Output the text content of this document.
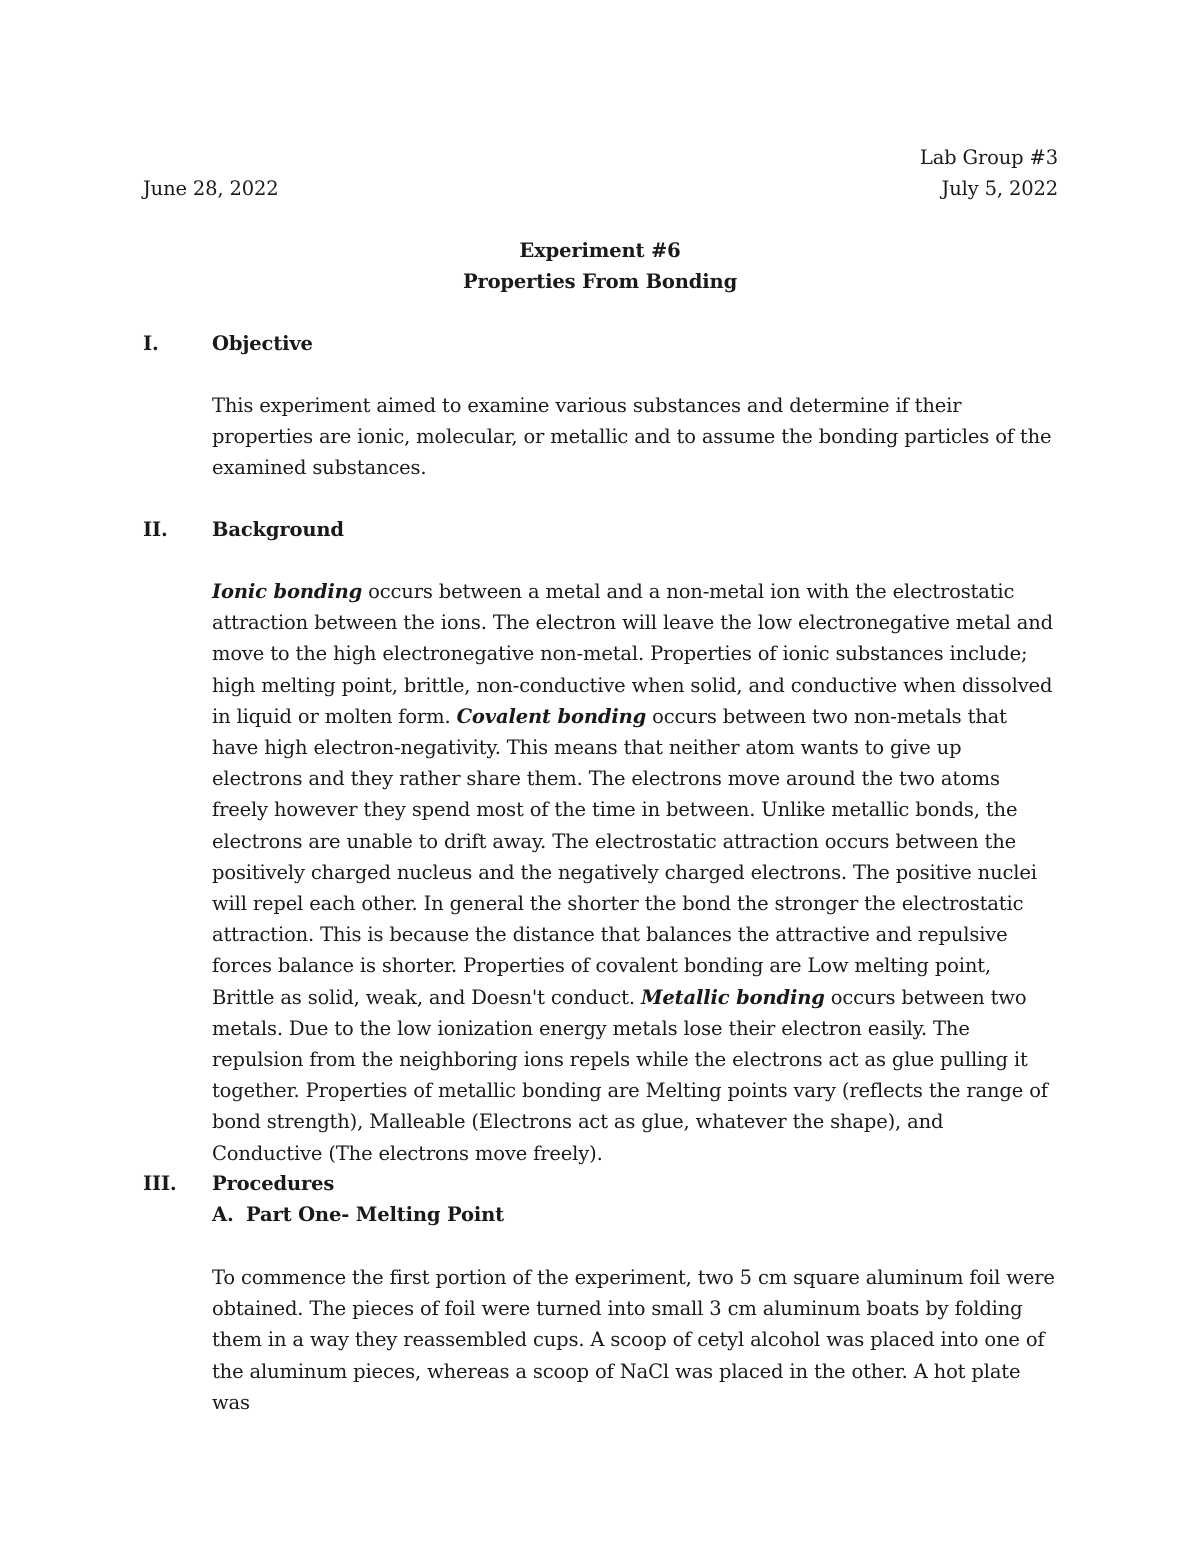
Lab Group #3
June 28, 2022	July 5, 2022
Experiment #6
Properties From Bonding
I.	Objective

This experiment aimed to examine various substances and determine if their properties are ionic, molecular, or metallic and to assume the bonding particles of the examined substances.

II. Background

Ionic bonding occurs between a metal and a non-metal ion with the electrostatic attraction between the ions. The electron will leave the low electronegative metal and move to the high electronegative non-metal. Properties of ionic substances include; high melting point, brittle, non-conductive when solid, and conductive when dissolved in liquid or molten form. Covalent bonding occurs between two non-metals that have high electron-negativity. This means that neither atom wants to give up electrons and they rather share them. The electrons move around the two atoms freely however they spend most of the time in between. Unlike metallic bonds, the electrons are unable to drift away. The electrostatic attraction occurs between the positively charged nucleus and the negatively charged electrons. The positive nuclei will repel each other. In general the shorter the bond the stronger the electrostatic attraction. This is because the distance that balances the attractive and repulsive forces balance is shorter. Properties of covalent bonding are Low melting point, Brittle as solid, weak, and Doesn't conduct. Metallic bonding occurs between two metals. Due to the low ionization energy metals lose their electron easily. The repulsion from the neighboring ions repels while the electrons act as glue pulling it together. Properties of metallic bonding are Melting points vary (reflects the range of bond strength), Malleable (Electrons act as glue, whatever the shape), and Conductive (The electrons move freely).

III. Procedures
A. Part One- Melting Point

To commence the first portion of the experiment, two 5 cm square aluminum foil were obtained. The pieces of foil were turned into small 3 cm aluminum boats by folding them in a way they reassembled cups. A scoop of cetyl alcohol was placed into one of the aluminum pieces, whereas a scoop of NaCl was placed in the other. A hot plate was
